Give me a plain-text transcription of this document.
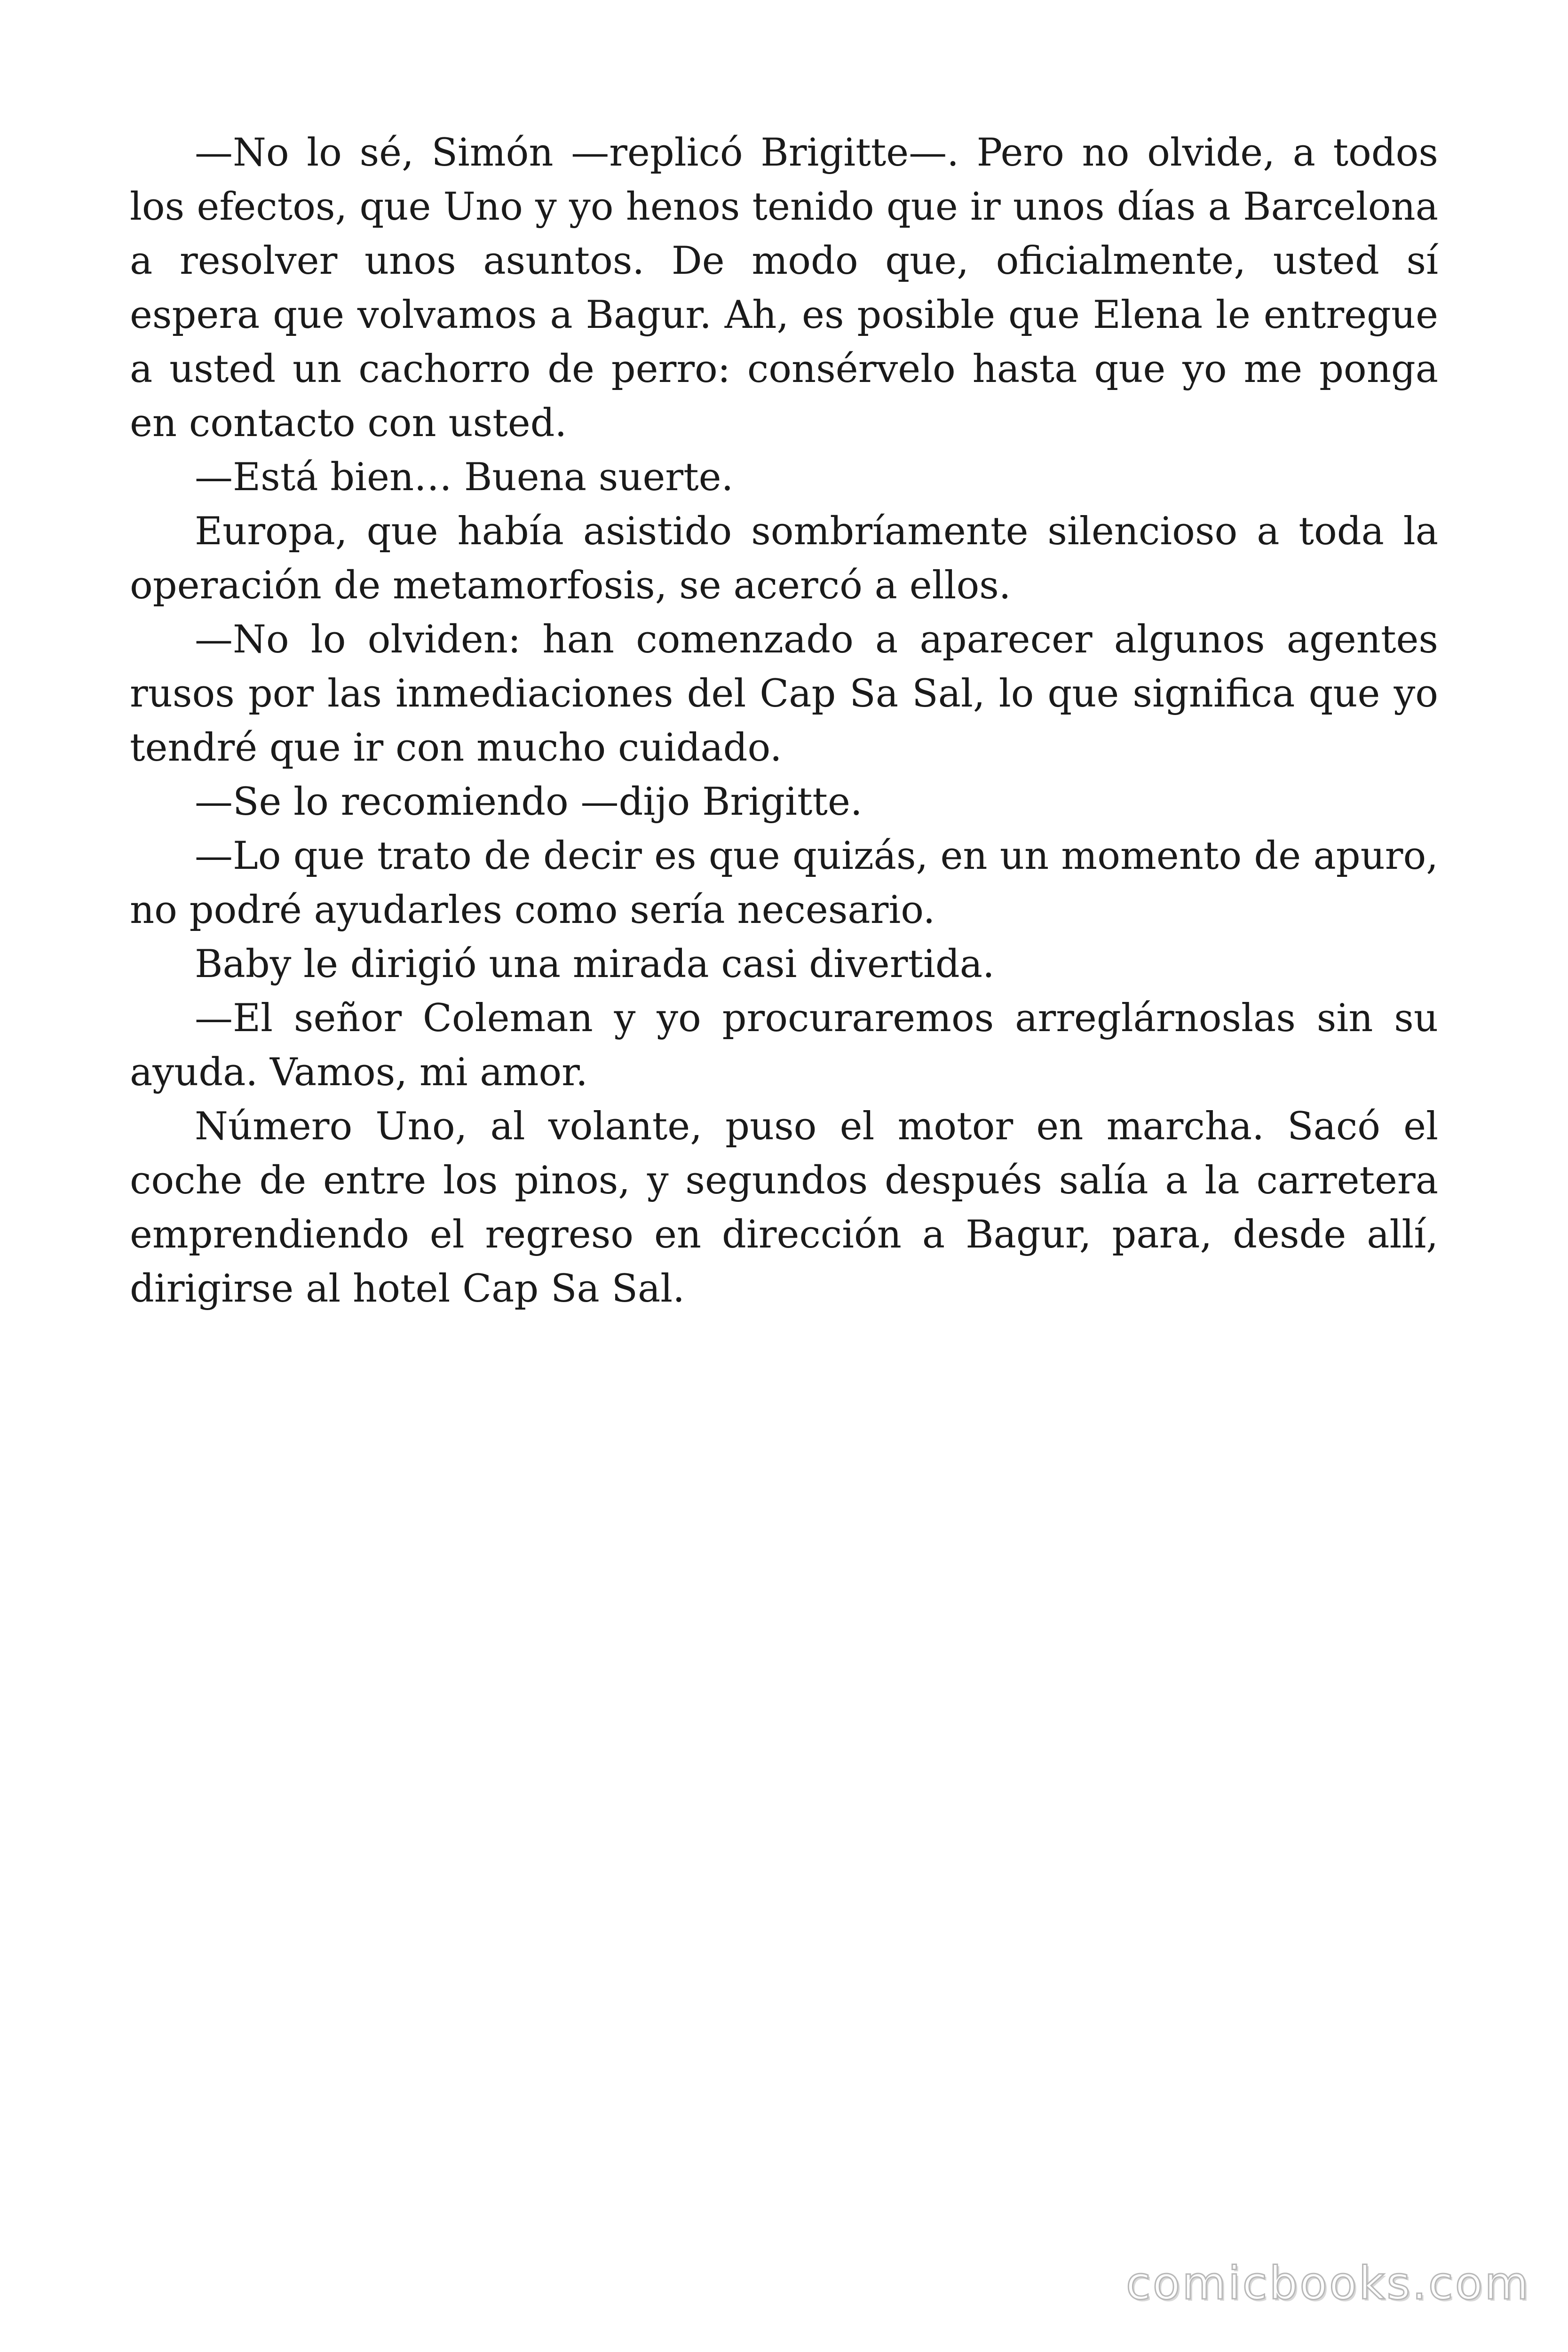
—No lo sé, Simón —replicó Brigitte—. Pero no olvide, a todos los efectos, que Uno y yo henos tenido que ir unos días a Barcelona a resolver unos asuntos. De modo que, oficialmente, usted sí espera que volvamos a Bagur. Ah, es posible que Elena le entregue a usted un cachorro de perro: consérvelo hasta que yo me ponga en contacto con usted.

—Está bien… Buena suerte.

Europa, que había asistido sombríamente silencioso a toda la operación de metamorfosis, se acercó a ellos.

—No lo olviden: han comenzado a aparecer algunos agentes rusos por las inmediaciones del Cap Sa Sal, lo que significa que yo tendré que ir con mucho cuidado.

—Se lo recomiendo —dijo Brigitte.

—Lo que trato de decir es que quizás, en un momento de apuro, no podré ayudarles como sería necesario.

Baby le dirigió una mirada casi divertida.

—El señor Coleman y yo procuraremos arreglárnoslas sin su ayuda. Vamos, mi amor.

Número Uno, al volante, puso el motor en marcha. Sacó el coche de entre los pinos, y segundos después salía a la carretera emprendiendo el regreso en dirección a Bagur, para, desde allí, dirigirse al hotel Cap Sa Sal.

comicbooks.com
